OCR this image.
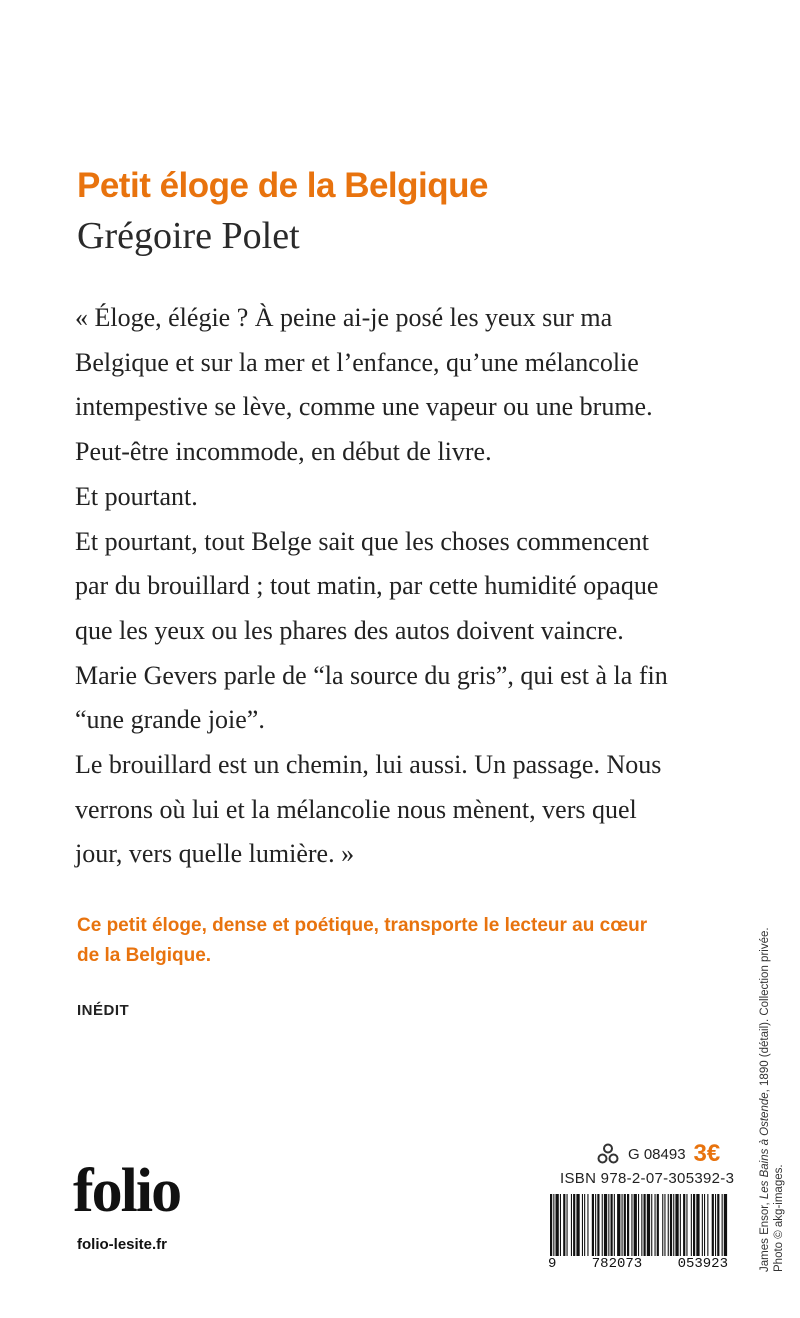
Petit éloge de la Belgique
Grégoire Polet

« Éloge, élégie ? À peine ai-je posé les yeux sur ma

Belgique et sur la mer et l’enfance, qu’une mélancolie

intempestive se lève, comme une vapeur ou une brume.

Peut-être incommode, en début de livre.

Et pourtant.

Et pourtant, tout Belge sait que les choses commencent

par du brouillard ; tout matin, par cette humidité opaque

que les yeux ou les phares des autos doivent vaincre.

Marie Gevers parle de “la source du gris”, qui est à la fin

“une grande joie”.

Le brouillard est un chemin, lui aussi. Un passage. Nous

verrons où lui et la mélancolie nous mènent, vers quel

jour, vers quelle lumière. »

Ce petit éloge, dense et poétique, transporte le lecteur au cœur
de la Belgique.
INÉDIT
folio
folio-lesite.fr
G 08493 3€
ISBN 978-2-07-305392-3
9	782073	053923	James Ensor, Les Bains à Ostende, 1890 (détail). Collection privée.
Photo © akg-images.
